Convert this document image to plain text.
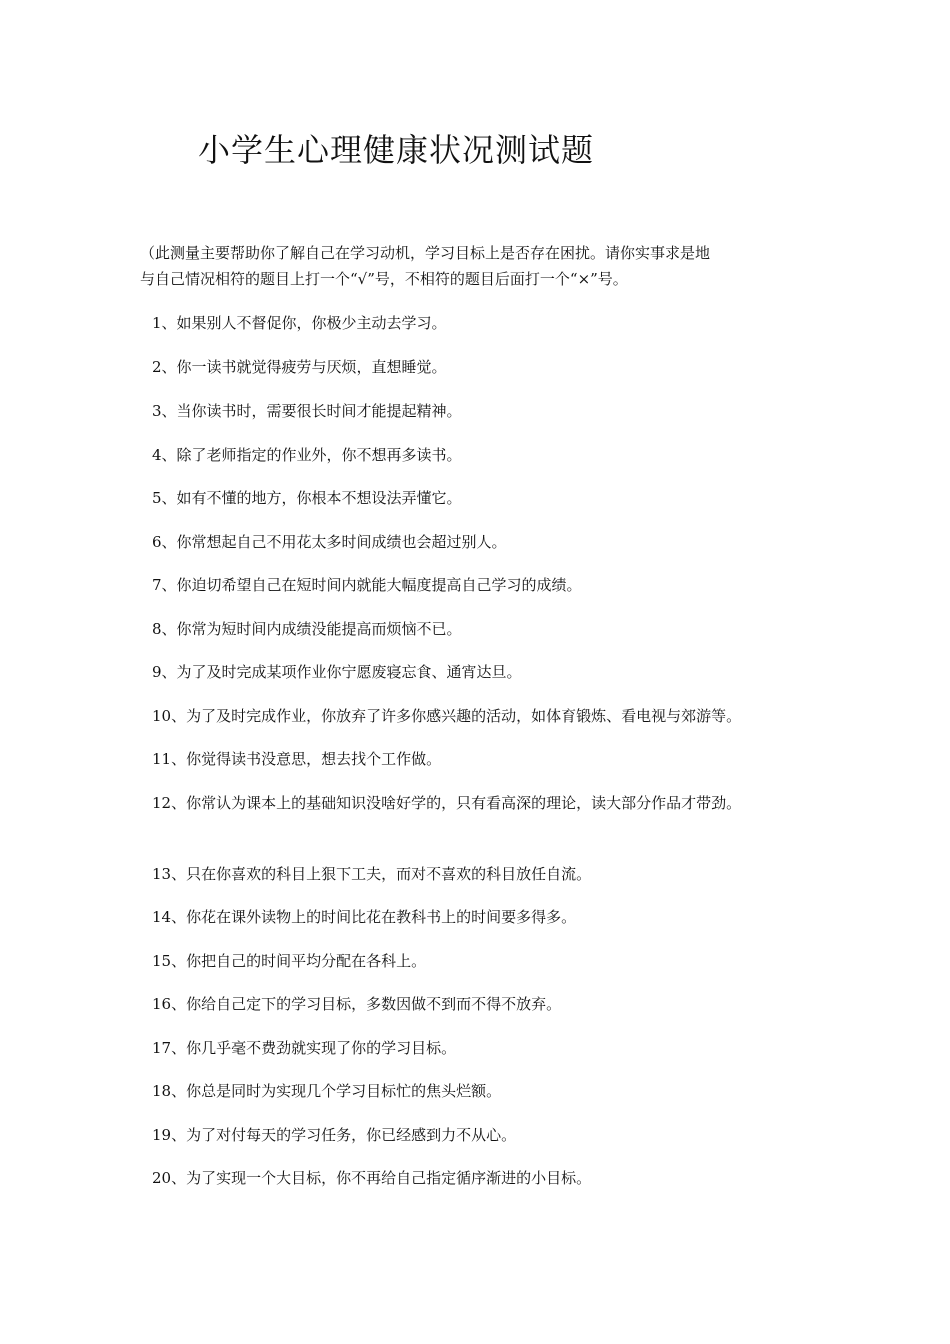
小学生心理健康状况测试题
（此测量主要帮助你了解自己在学习动机，学习目标上是否存在困扰。请你实事求是地
与自己情况相符的题目上打一个“√”号，不相符的题目后面打一个“×”号。
1、如果别人不督促你，你极少主动去学习。
2、你一读书就觉得疲劳与厌烦，直想睡觉。
3、当你读书时，需要很长时间才能提起精神。
4、除了老师指定的作业外，你不想再多读书。
5、如有不懂的地方，你根本不想设法弄懂它。
6、你常想起自己不用花太多时间成绩也会超过别人。
7、你迫切希望自己在短时间内就能大幅度提高自己学习的成绩。
8、你常为短时间内成绩没能提高而烦恼不已。
9、为了及时完成某项作业你宁愿废寝忘食、通宵达旦。
10、为了及时完成作业，你放弃了许多你感兴趣的活动，如体育锻炼、看电视与郊游等。
11、你觉得读书没意思，想去找个工作做。
12、你常认为课本上的基础知识没啥好学的，只有看高深的理论，读大部分作品才带劲。
13、只在你喜欢的科目上狠下工夫，而对不喜欢的科目放任自流。
14、你花在课外读物上的时间比花在教科书上的时间要多得多。
15、你把自己的时间平均分配在各科上。
16、你给自己定下的学习目标，多数因做不到而不得不放弃。
17、你几乎毫不费劲就实现了你的学习目标。
18、你总是同时为实现几个学习目标忙的焦头烂额。
19、为了对付每天的学习任务，你已经感到力不从心。
20、为了实现一个大目标，你不再给自己指定循序渐进的小目标。
